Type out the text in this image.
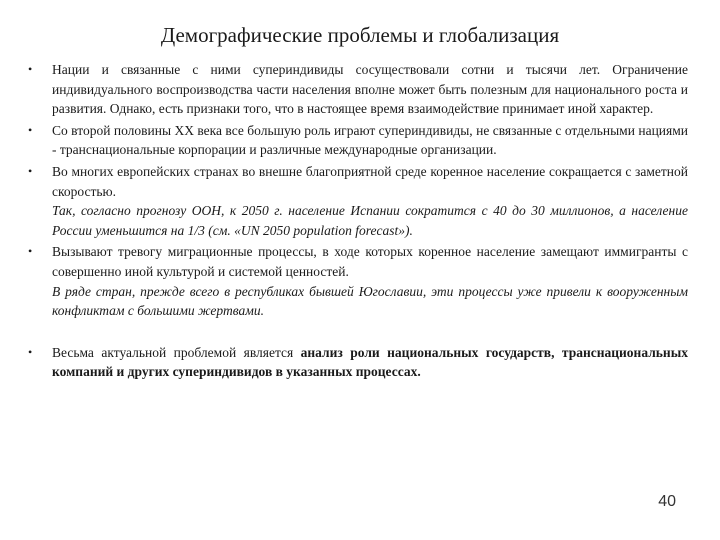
Демографические проблемы и глобализация
• Нации и связанные с ними супериндивиды сосуществовали сотни и тысячи лет. Ограничение индивидуального воспроизводства части населения вполне может быть полезным для национального роста и развития. Однако, есть признаки того, что в настоящее время взаимодействие принимает иной характер.
• Со второй половины XX века все большую роль играют супериндивиды, не связанные с отдельными нациями - транснациональные корпорации и различные международные организации.
• Во многих европейских странах во внешне благоприятной среде коренное население сокращается с заметной скоростью.
Так, согласно прогнозу ООН, к 2050 г. население Испании сократится с 40 до 30 миллионов, а население России уменьшится на 1/3 (см. «UN 2050 population forecast»).
• Вызывают тревогу миграционные процессы, в ходе которых коренное население замещают иммигранты с совершенно иной культурой и системой ценностей.
В ряде стран, прежде всего в республиках бывшей Югославии, эти процессы уже привели к вооруженным конфликтам с большими жертвами.
• Весьма актуальной проблемой является анализ роли национальных государств, транснациональных компаний и других супериндивидов в указанных процессах.
40
